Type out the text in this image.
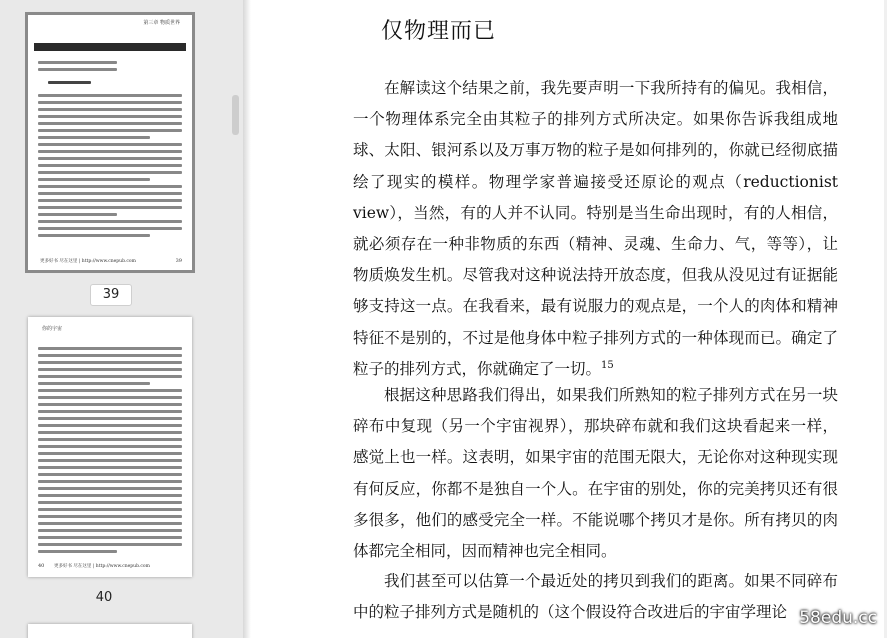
第三章 物质世界
更多好书 尽在这里 | http://www.cnepub.com	39
39
你的宇宙
40 更多好书 尽在这里 | http://www.cnepub.com
40
仅物理而已

在解读这个结果之前，我先要声明一下我所持有的偏见。我相信，一个物理体系完全由其粒子的排列方式所决定。如果你告诉我组成地球、太阳、银河系以及万事万物的粒子是如何排列的，你就已经彻底描绘了现实的模样。物理学家普遍接受还原论的观点（reductionist view），当然，有的人并不认同。特别是当生命出现时，有的人相信，就必须存在一种非物质的东西（精神、灵魂、生命力、气，等等），让物质焕发生机。尽管我对这种说法持开放态度，但我从没见过有证据能够支持这一点。在我看来，最有说服力的观点是，一个人的肉体和精神特征不是别的，不过是他身体中粒子排列方式的一种体现而已。确定了粒子的排列方式，你就确定了一切。$^{15}$

根据这种思路我们得出，如果我们所熟知的粒子排列方式在另一块碎布中复现（另一个宇宙视界），那块碎布就和我们这块看起来一样，感觉上也一样。这表明，如果宇宙的范围无限大，无论你对这种现实现有何反应，你都不是独自一个人。在宇宙的别处，你的完美拷贝还有很多很多，他们的感受完全一样。不能说哪个拷贝才是你。所有拷贝的肉体都完全相同，因而精神也完全相同。

我们甚至可以估算一个最近处的拷贝到我们的距离。如果不同碎布中的粒子排列方式是随机的（这个假设符合改进后的宇宙学理论 58edu.cc
